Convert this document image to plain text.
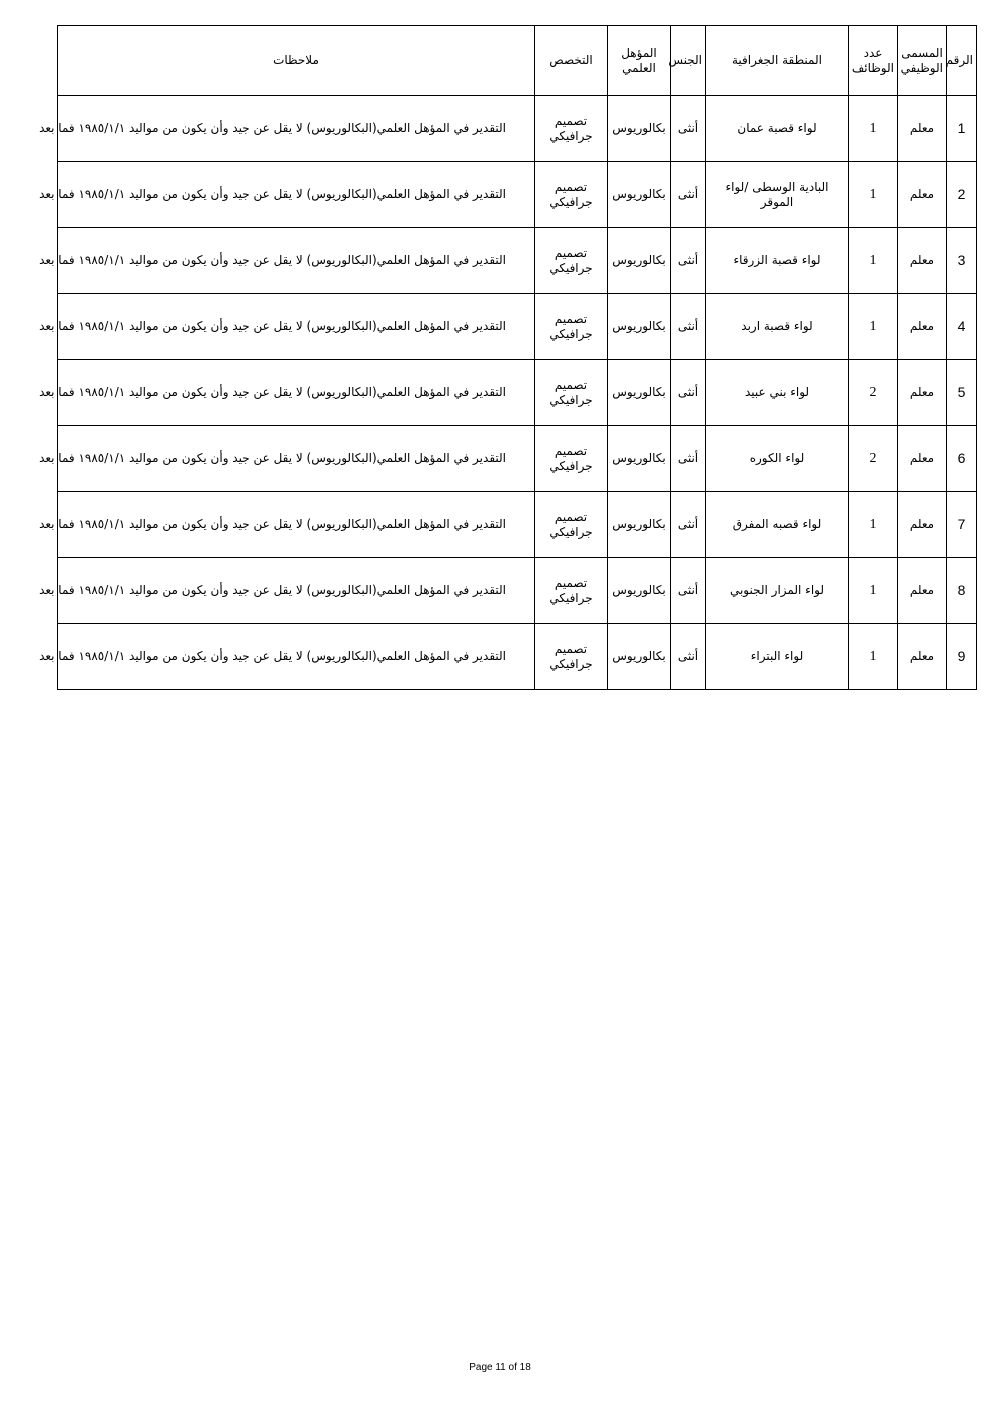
الرقم	المسمى الوظيفي	عدد الوظائف	المنطقة الجغرافية	الجنس	المؤهل العلمي	التخصص	ملاحظات
1	معلم	1	لواء قصبة عمان	أنثى	بكالوريوس	تصميم جرافيكي	التقدير في المؤهل العلمي(البكالوريوس) لا يقل عن جيد وأن يكون من مواليد ١٩٨٥/١/١ فما بعد
2	معلم	1	البادية الوسطى /لواء الموقر	أنثى	بكالوريوس	تصميم جرافيكي	التقدير في المؤهل العلمي(البكالوريوس) لا يقل عن جيد وأن يكون من مواليد ١٩٨٥/١/١ فما بعد
3	معلم	1	لواء قصبة الزرقاء	أنثى	بكالوريوس	تصميم جرافيكي	التقدير في المؤهل العلمي(البكالوريوس) لا يقل عن جيد وأن يكون من مواليد ١٩٨٥/١/١ فما بعد
4	معلم	1	لواء قصبة اربد	أنثى	بكالوريوس	تصميم جرافيكي	التقدير في المؤهل العلمي(البكالوريوس) لا يقل عن جيد وأن يكون من مواليد ١٩٨٥/١/١ فما بعد
5	معلم	2	لواء بني عبيد	أنثى	بكالوريوس	تصميم جرافيكي	التقدير في المؤهل العلمي(البكالوريوس) لا يقل عن جيد وأن يكون من مواليد ١٩٨٥/١/١ فما بعد
6	معلم	2	لواء الكوره	أنثى	بكالوريوس	تصميم جرافيكي	التقدير في المؤهل العلمي(البكالوريوس) لا يقل عن جيد وأن يكون من مواليد ١٩٨٥/١/١ فما بعد
7	معلم	1	لواء قصبه المفرق	أنثى	بكالوريوس	تصميم جرافيكي	التقدير في المؤهل العلمي(البكالوريوس) لا يقل عن جيد وأن يكون من مواليد ١٩٨٥/١/١ فما بعد
8	معلم	1	لواء المزار الجنوبي	أنثى	بكالوريوس	تصميم جرافيكي	التقدير في المؤهل العلمي(البكالوريوس) لا يقل عن جيد وأن يكون من مواليد ١٩٨٥/١/١ فما بعد
9	معلم	1	لواء البتراء	أنثى	بكالوريوس	تصميم جرافيكي	التقدير في المؤهل العلمي(البكالوريوس) لا يقل عن جيد وأن يكون من مواليد ١٩٨٥/١/١ فما بعد
Page 11 of 18
